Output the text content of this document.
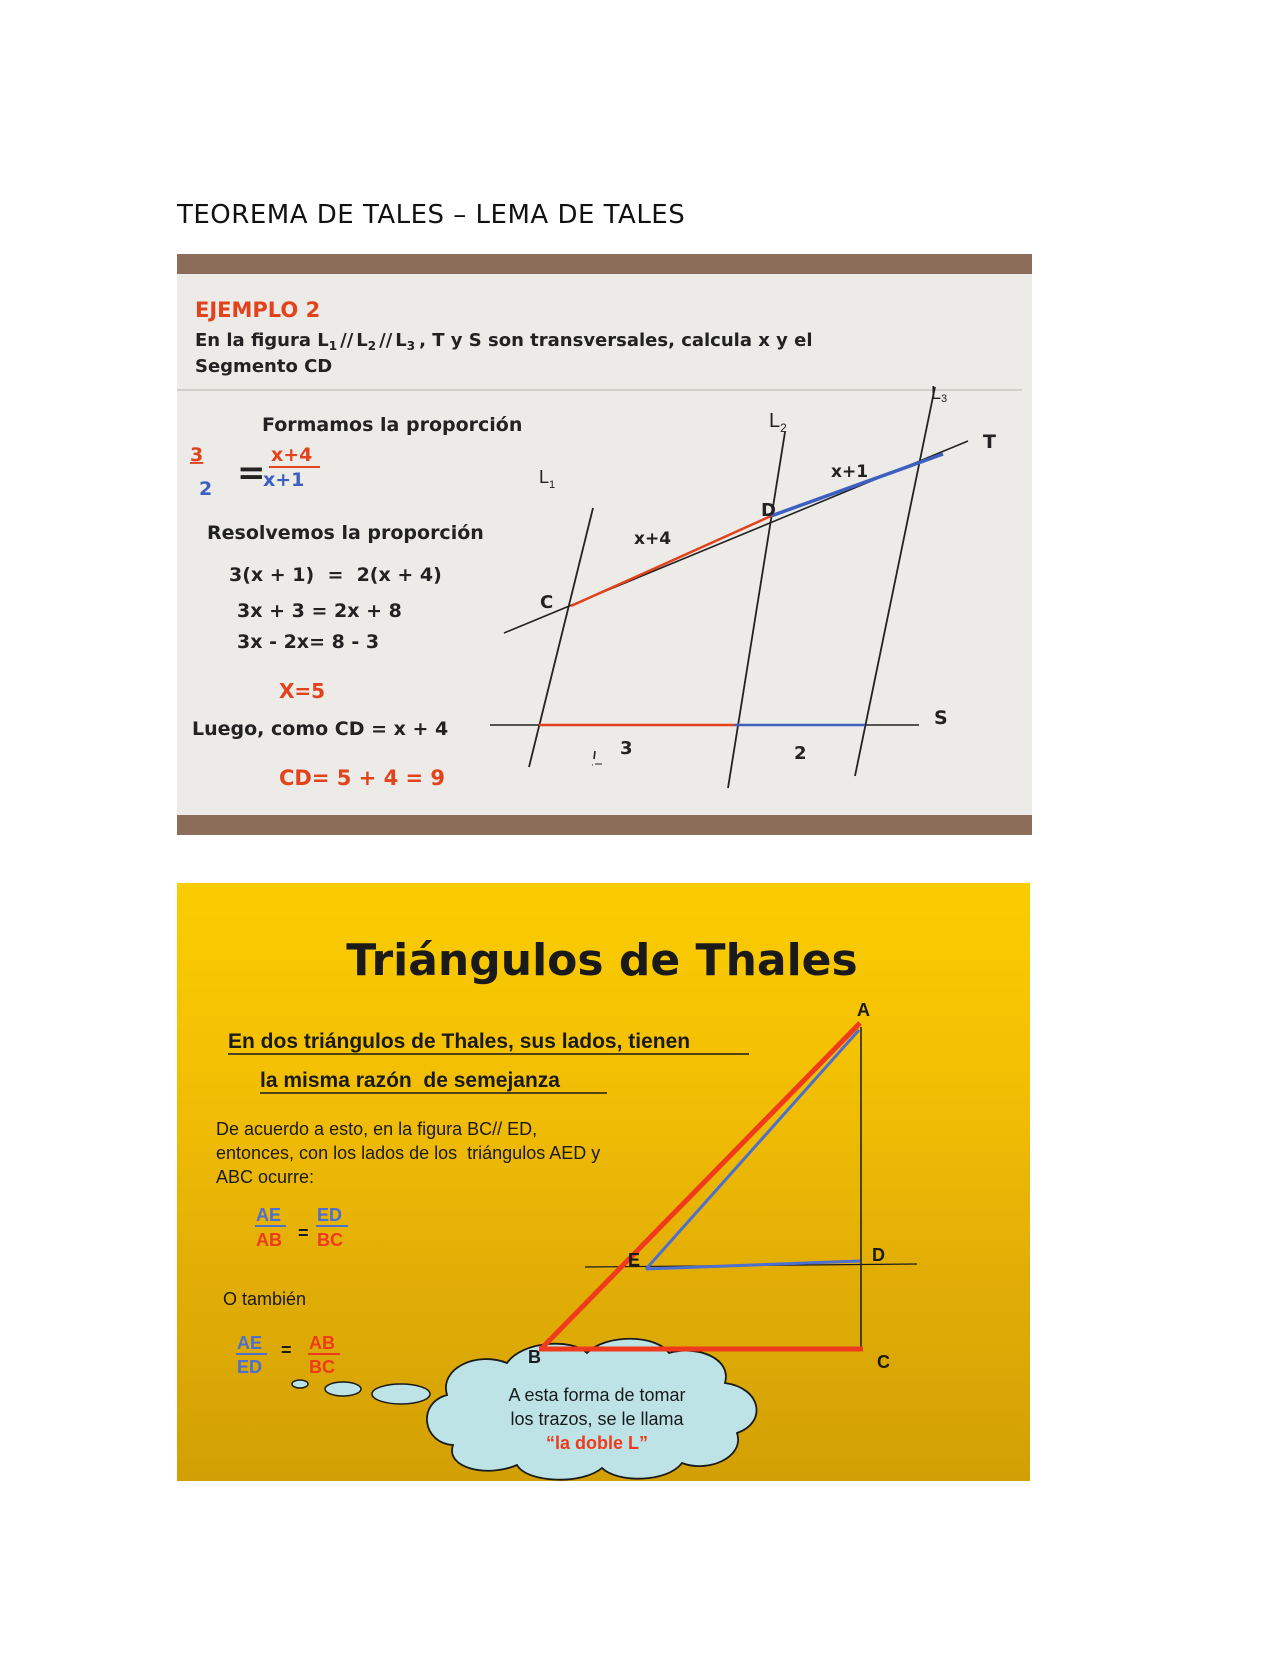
TEOREMA DE TALES – LEMA DE TALES
EJEMPLO 2
En la figura $L_1 // L_2 // L_3$ , T y S son transversales, calcula x y el
Segmento CD
Formamos la proporción
3
2 = x+4
x+1
Resolvemos la proporción
3(x + 1)  =  2(x + 4)
3x + 3 = 2x + 8
3x - 2x= 8 - 3
X=5
Luego, como CD = x + 4
CD= 5 + 4 = 9
$L_1$
$L_2$
L3
T
S
C
D
x+4
x+1
3	2
Triángulos de Thales
En dos triángulos de Thales, sus lados, tienen
la misma razón  de semejanza
De acuerdo a esto, en la figura BC// ED,
entonces, con los lados de los  triángulos AED y
ABC ocurre:
AE
AB =
ED
BC
O también
AE
ED
= AB
BC
A esta forma de tomar
los trazos, se le llama
“la doble L”
A
B	C
D
E
